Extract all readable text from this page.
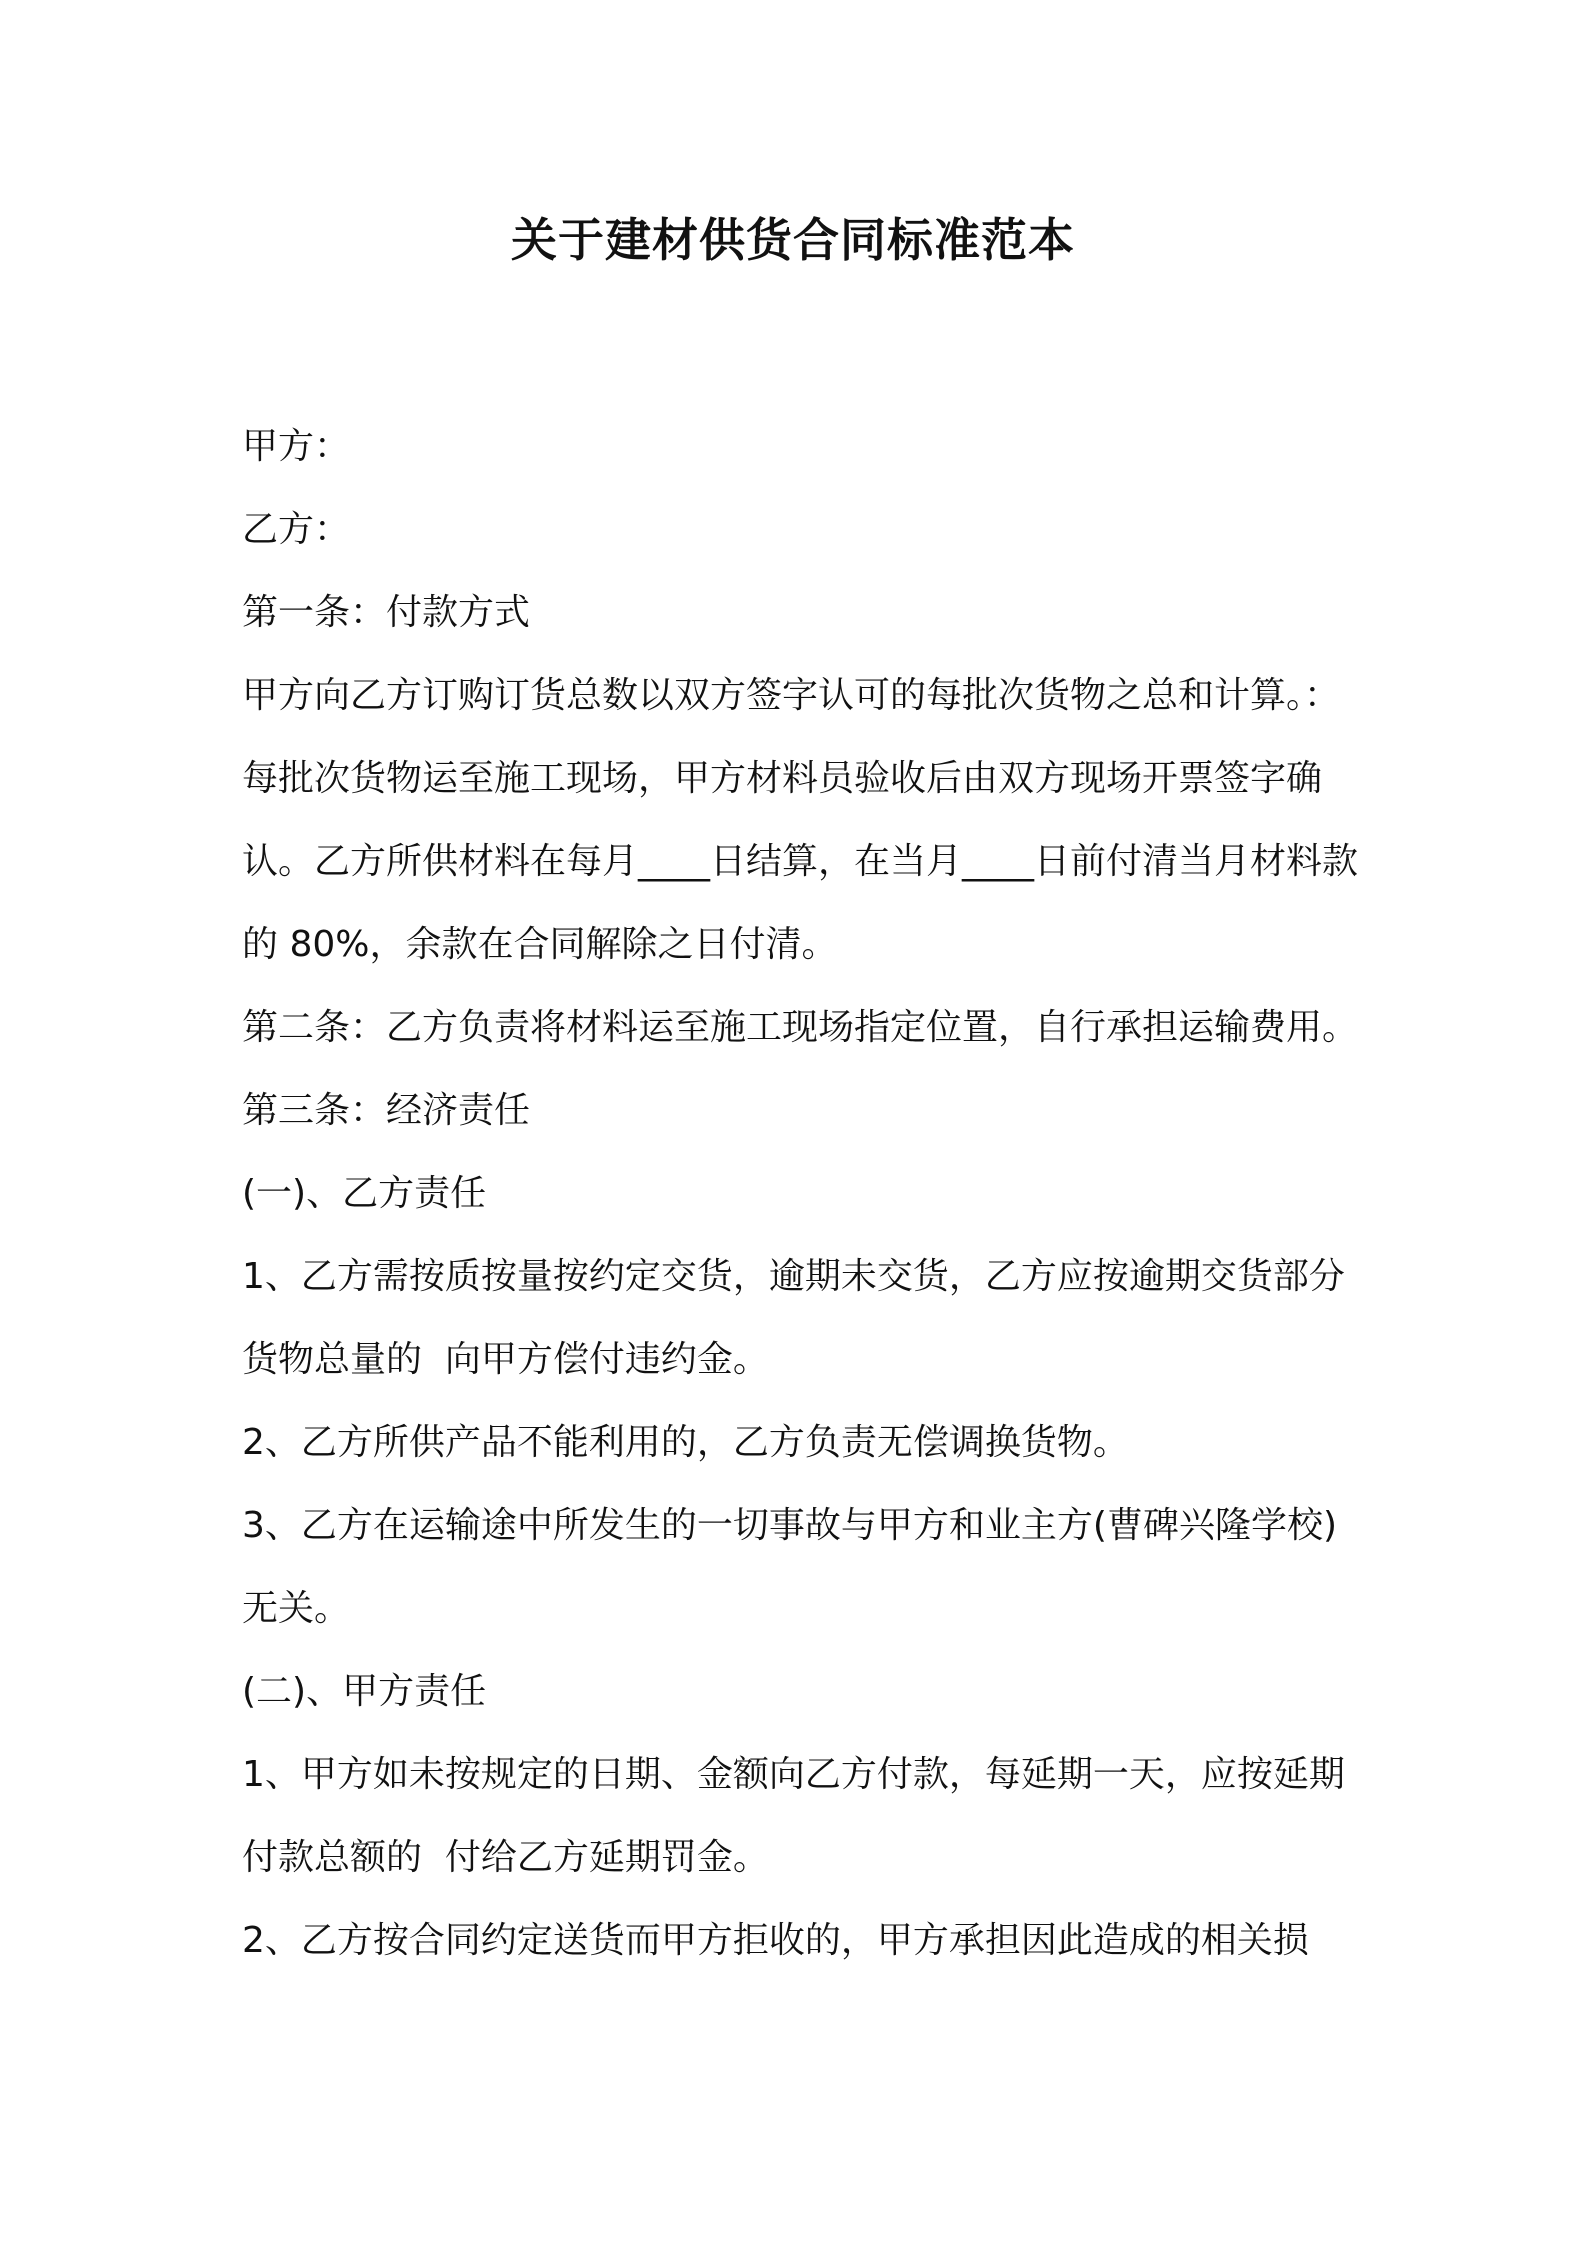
关于建材供货合同标准范本

甲方：

乙方：

第一条：付款方式

甲方向乙方订购订货总数以双方签字认可的每批次货物之总和计算。：每批次货物运至施工现场，甲方材料员验收后由双方现场开票签字确认。乙方所供材料在每月____日结算，在当月____日前付清当月材料款的 80%，余款在合同解除之日付清。

第二条：乙方负责将材料运至施工现场指定位置，自行承担运输费用。

第三条：经济责任

(一)、乙方责任

1、乙方需按质按量按约定交货，逾期未交货，乙方应按逾期交货部分货物总量的  向甲方偿付违约金。

2、乙方所供产品不能利用的，乙方负责无偿调换货物。

3、乙方在运输途中所发生的一切事故与甲方和业主方(曹碑兴隆学校)无关。

(二)、甲方责任

1、甲方如未按规定的日期、金额向乙方付款，每延期一天，应按延期付款总额的  付给乙方延期罚金。

2、乙方按合同约定送货而甲方拒收的，甲方承担因此造成的相关损
